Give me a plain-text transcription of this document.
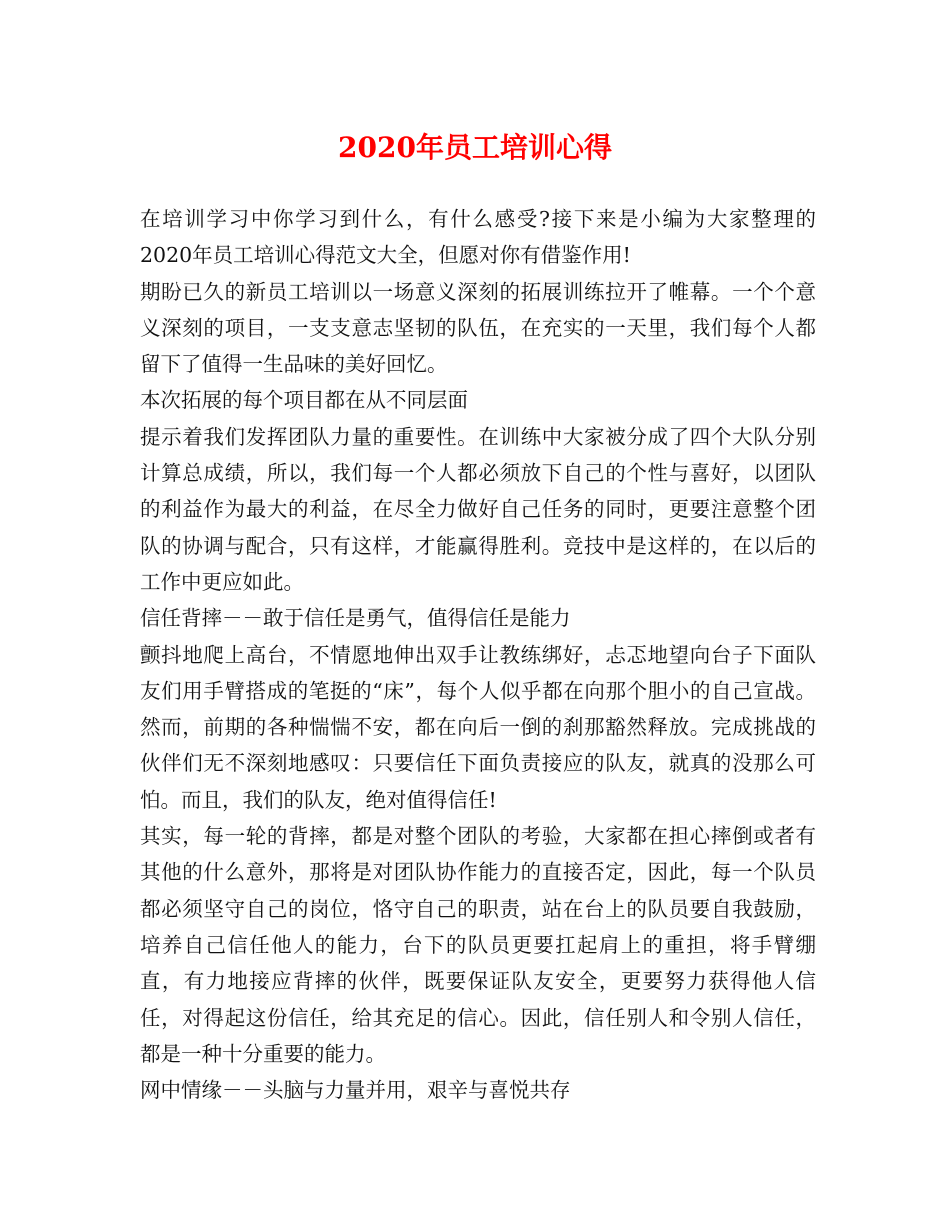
2020年员工培训心得

在培训学习中你学习到什么，有什么感受?接下来是小编为大家整理的2020年员工培训心得范文大全，但愿对你有借鉴作用!

期盼已久的新员工培训以一场意义深刻的拓展训练拉开了帷幕。一个个意义深刻的项目，一支支意志坚韧的队伍，在充实的一天里，我们每个人都留下了值得一生品味的美好回忆。

本次拓展的每个项目都在从不同层面

提示着我们发挥团队力量的重要性。在训练中大家被分成了四个大队分别计算总成绩，所以，我们每一个人都必须放下自己的个性与喜好，以团队的利益作为最大的利益，在尽全力做好自己任务的同时，更要注意整个团队的协调与配合，只有这样，才能赢得胜利。竞技中是这样的，在以后的工作中更应如此。

信任背摔－－敢于信任是勇气，值得信任是能力

颤抖地爬上高台，不情愿地伸出双手让教练绑好，忐忑地望向台子下面队友们用手臂搭成的笔挺的“床”，每个人似乎都在向那个胆小的自己宣战。然而，前期的各种惴惴不安，都在向后一倒的刹那豁然释放。完成挑战的伙伴们无不深刻地感叹：只要信任下面负责接应的队友，就真的没那么可怕。而且，我们的队友，绝对值得信任!

其实，每一轮的背摔，都是对整个团队的考验，大家都在担心摔倒或者有其他的什么意外，那将是对团队协作能力的直接否定，因此，每一个队员都必须坚守自己的岗位，恪守自己的职责，站在台上的队员要自我鼓励，培养自己信任他人的能力，台下的队员更要扛起肩上的重担，将手臂绷直，有力地接应背摔的伙伴，既要保证队友安全，更要努力获得他人信任，对得起这份信任，给其充足的信心。因此，信任别人和令别人信任，都是一种十分重要的能力。

网中情缘－－头脑与力量并用，艰辛与喜悦共存
